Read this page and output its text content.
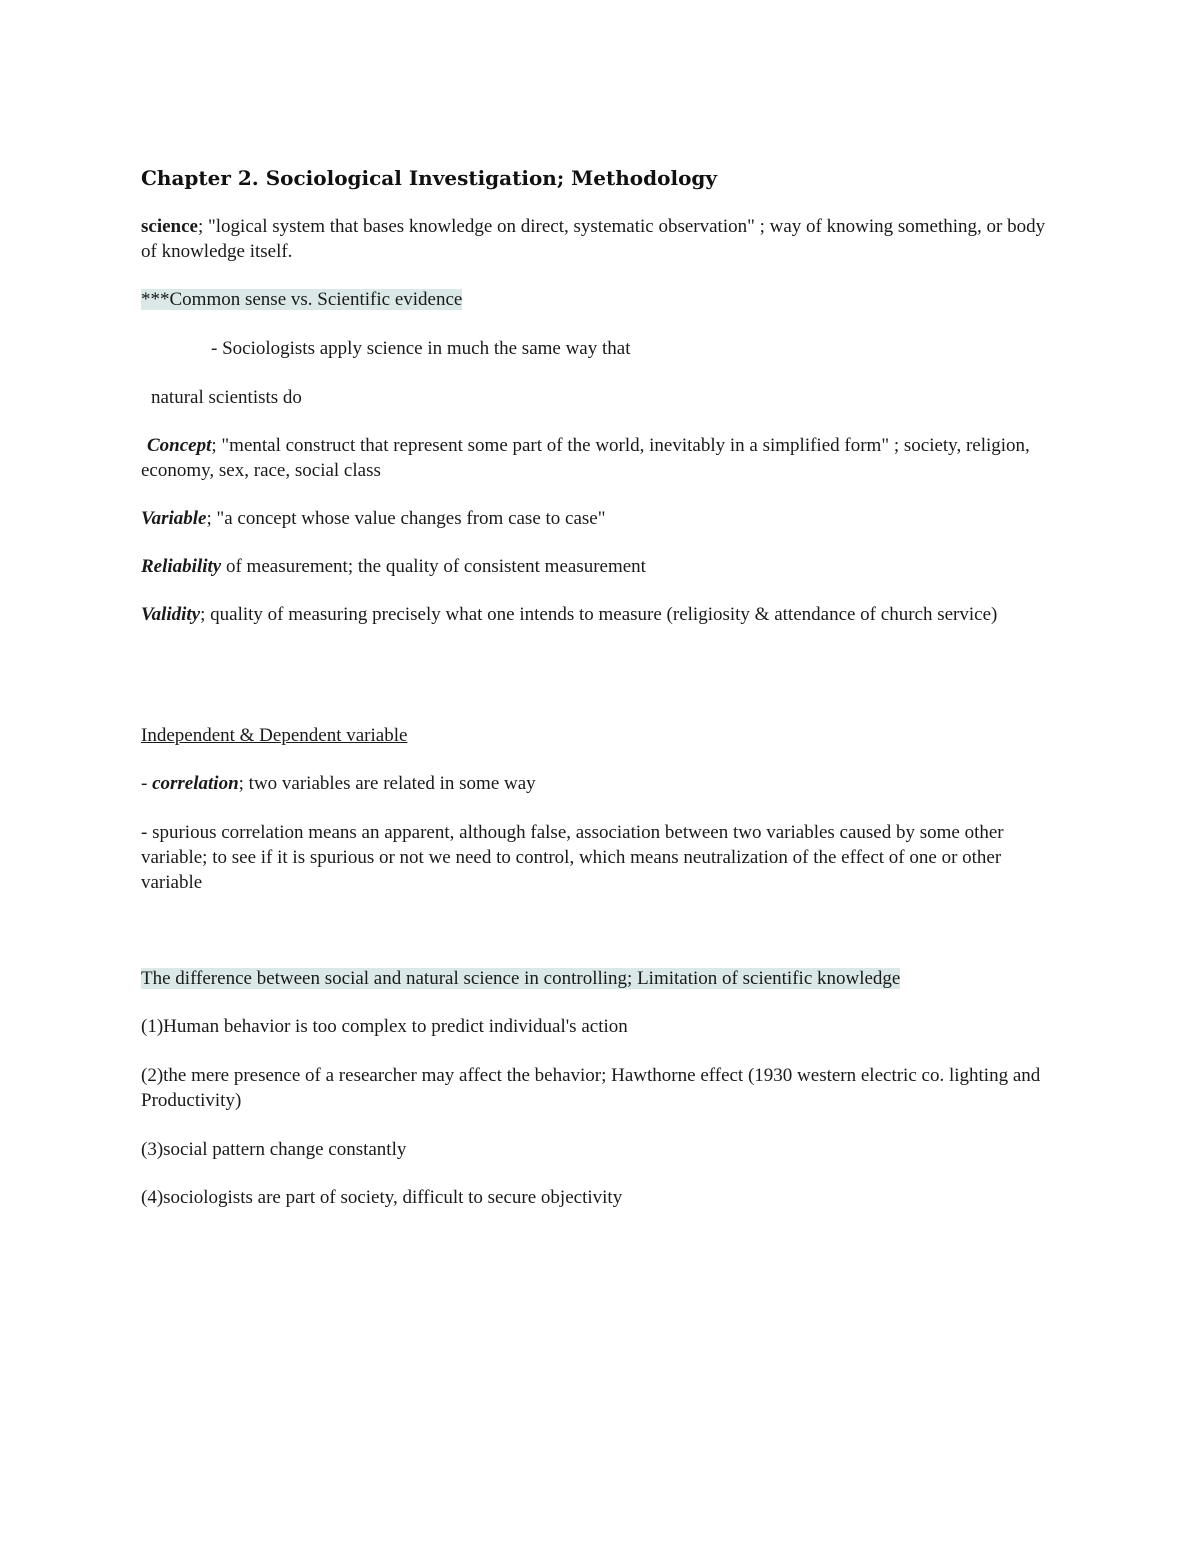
Chapter 2. Sociological Investigation; Methodology

science; "logical system that bases knowledge on direct, systematic observation" ; way of knowing something, or body of knowledge itself.

***Common sense vs. Scientific evidence

- Sociologists apply science in much the same way that

natural scientists do

Concept; "mental construct that represent some part of the world, inevitably in a simplified form" ; society, religion, economy, sex, race, social class

Variable; "a concept whose value changes from case to case"

Reliability of measurement; the quality of consistent measurement

Validity; quality of measuring precisely what one intends to measure (religiosity & attendance of church service)

Independent & Dependent variable

- correlation; two variables are related in some way

- spurious correlation means an apparent, although false, association between two variables caused by some other variable; to see if it is spurious or not we need to control, which means neutralization of the effect of one or other variable

The difference between social and natural science in controlling; Limitation of scientific knowledge

(1)Human behavior is too complex to predict individual's action

(2)the mere presence of a researcher may affect the behavior; Hawthorne effect (1930 western electric co. lighting and Productivity)

(3)social pattern change constantly

(4)sociologists are part of society, difficult to secure objectivity
